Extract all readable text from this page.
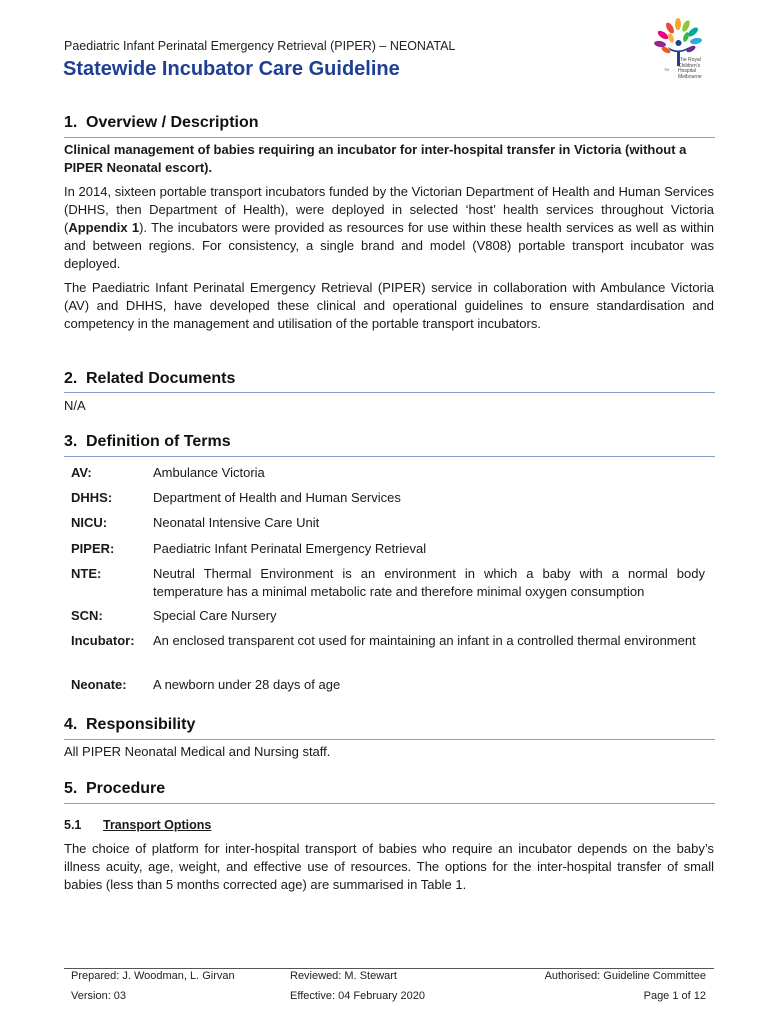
Paediatric Infant Perinatal Emergency Retrieval (PIPER) – NEONATAL
Statewide Incubator Care Guideline	TM
The Royal Children's Hospital Melbourne
1. Overview / Description
Clinical management of babies requiring an incubator for inter-hospital transfer in Victoria (without a PIPER Neonatal escort).
In 2014, sixteen portable transport incubators funded by the Victorian Department of Health and Human Services (DHHS, then Department of Health), were deployed in selected ‘host’ health services throughout Victoria (Appendix 1). The incubators were provided as resources for use within these health services as well as within and between regions. For consistency, a single brand and model (V808) portable transport incubator was deployed.
The Paediatric Infant Perinatal Emergency Retrieval (PIPER) service in collaboration with Ambulance Victoria (AV) and DHHS, have developed these clinical and operational guidelines to ensure standardisation and competency in the management and utilisation of the portable transport incubators.
2. Related Documents
N/A
3. Definition of Terms
AV:	Ambulance Victoria
DHHS:	Department of Health and Human Services
NICU:	Neonatal Intensive Care Unit
PIPER:	Paediatric Infant Perinatal Emergency Retrieval
NTE:	Neutral Thermal Environment is an environment in which a baby with a normal body temperature has a minimal metabolic rate and therefore minimal oxygen consumption
SCN:	Special Care Nursery
Incubator:	An enclosed transparent cot used for maintaining an infant in a controlled thermal environment
Neonate:	A newborn under 28 days of age
4. Responsibility
All PIPER Neonatal Medical and Nursing staff.
5. Procedure
5.1 Transport Options
The choice of platform for inter-hospital transport of babies who require an incubator depends on the baby’s illness acuity, age, weight, and effective use of resources. The options for the inter-hospital transfer of small babies (less than 5 months corrected age) are summarised in Table 1.
Prepared: J. Woodman, L. Girvan	Reviewed: M. Stewart	Authorised: Guideline Committee
Version: 03	Effective: 04 February 2020	Page 1 of 12
